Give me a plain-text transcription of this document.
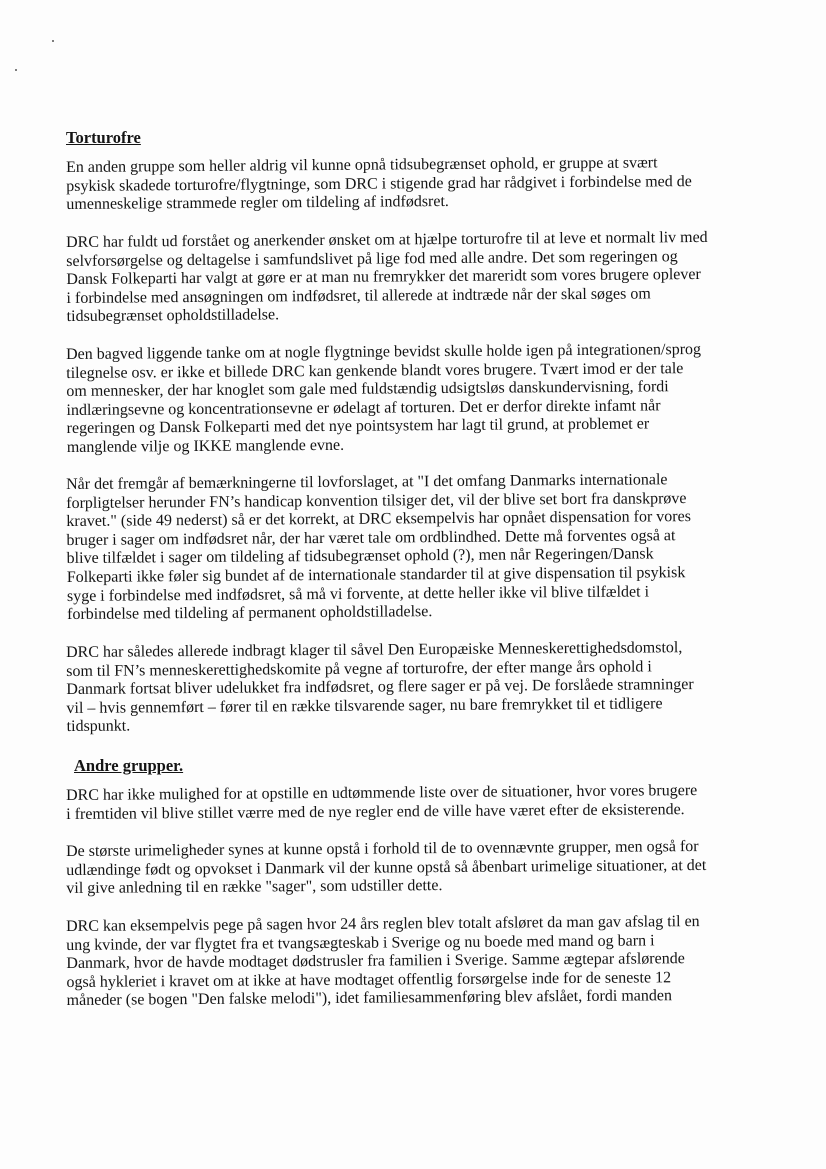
Torturofre
En anden gruppe som heller aldrig vil kunne opnå tidsubegrænset ophold, er gruppe at svært
psykisk skadede torturofre/flygtninge, som DRC i stigende grad har rådgivet i forbindelse med de
umenneskelige strammede regler om tildeling af indfødsret.
DRC har fuldt ud forstået og anerkender ønsket om at hjælpe torturofre til at leve et normalt liv med
selvforsørgelse og deltagelse i samfundslivet på lige fod med alle andre. Det som regeringen og
Dansk Folkeparti har valgt at gøre er at man nu fremrykker det mareridt som vores brugere oplever
i forbindelse med ansøgningen om indfødsret, til allerede at indtræde når der skal søges om
tidsubegrænset opholdstilladelse.
Den bagved liggende tanke om at nogle flygtninge bevidst skulle holde igen på integrationen/sprog
tilegnelse osv. er ikke et billede DRC kan genkende blandt vores brugere. Tvært imod er der tale
om mennesker, der har knoglet som gale med fuldstændig udsigtsløs danskundervisning, fordi
indlæringsevne og koncentrationsevne er ødelagt af torturen. Det er derfor direkte infamt når
regeringen og Dansk Folkeparti med det nye pointsystem har lagt til grund, at problemet er
manglende vilje og IKKE manglende evne.
Når det fremgår af bemærkningerne til lovforslaget, at "I det omfang Danmarks internationale
forpligtelser herunder FN’s handicap konvention tilsiger det, vil der blive set bort fra danskprøve
kravet." (side 49 nederst) så er det korrekt, at DRC eksempelvis har opnået dispensation for vores
bruger i sager om indfødsret når, der har været tale om ordblindhed. Dette må forventes også at
blive tilfældet i sager om tildeling af tidsubegrænset ophold (?), men når Regeringen/Dansk
Folkeparti ikke føler sig bundet af de internationale standarder til at give dispensation til psykisk
syge i forbindelse med indfødsret, så må vi forvente, at dette heller ikke vil blive tilfældet i
forbindelse med tildeling af permanent opholdstilladelse.
DRC har således allerede indbragt klager til såvel Den Europæiske Menneskerettighedsdomstol,
som til FN’s menneskerettighedskomite på vegne af torturofre, der efter mange års ophold i
Danmark fortsat bliver udelukket fra indfødsret, og flere sager er på vej. De forslåede stramninger
vil – hvis gennemført – fører til en række tilsvarende sager, nu bare fremrykket til et tidligere
tidspunkt.
Andre grupper.
DRC har ikke mulighed for at opstille en udtømmende liste over de situationer, hvor vores brugere
i fremtiden vil blive stillet værre med de nye regler end de ville have været efter de eksisterende.
De største urimeligheder synes at kunne opstå i forhold til de to ovennævnte grupper, men også for
udlændinge født og opvokset i Danmark vil der kunne opstå så åbenbart urimelige situationer, at det
vil give anledning til en række "sager", som udstiller dette.
DRC kan eksempelvis pege på sagen hvor 24 års reglen blev totalt afsløret da man gav afslag til en
ung kvinde, der var flygtet fra et tvangsægteskab i Sverige og nu boede med mand og barn i
Danmark, hvor de havde modtaget dødstrusler fra familien i Sverige. Samme ægtepar afslørende
også hykleriet i kravet om at ikke at have modtaget offentlig forsørgelse inde for de seneste 12
måneder (se bogen "Den falske melodi"), idet familiesammenføring blev afslået, fordi manden
